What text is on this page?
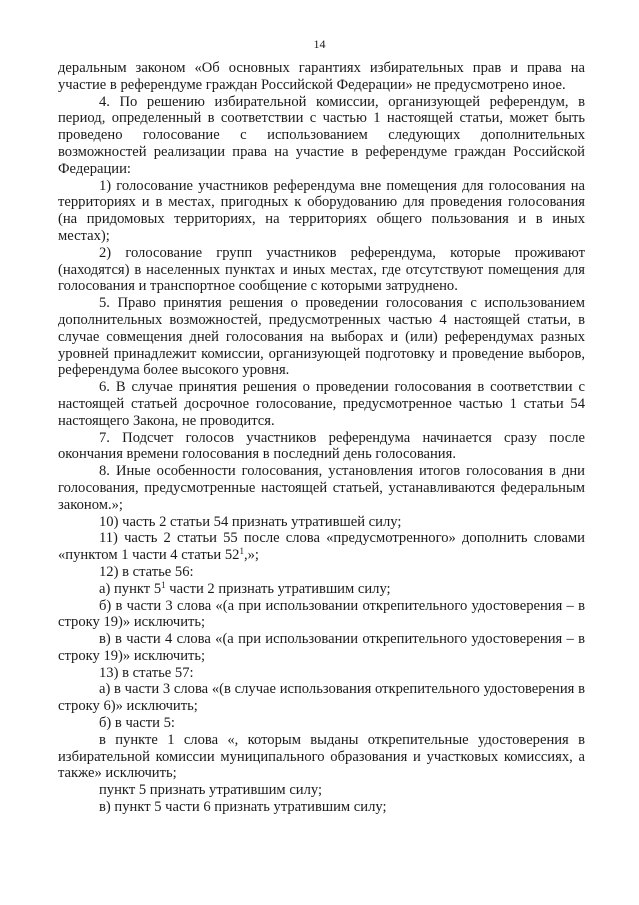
14

деральным законом «Об основных гарантиях избирательных прав и права на участие в референдуме граждан Российской Федерации» не предусмотрено иное.

4. По решению избирательной комиссии, организующей референдум, в период, определенный в соответствии с частью 1 настоящей статьи, может быть проведено голосование с использованием следующих дополнительных возможностей реализации права на участие в референдуме граждан Российской Федерации:

1) голосование участников референдума вне помещения для голосования на территориях и в местах, пригодных к оборудованию для проведения голосования (на придомовых территориях, на территориях общего пользования и в иных местах);

2) голосование групп участников референдума, которые проживают (находятся) в населенных пунктах и иных местах, где отсутствуют помещения для голосования и транспортное сообщение с которыми затруднено.

5. Право принятия решения о проведении голосования с использованием дополнительных возможностей, предусмотренных частью 4 настоящей статьи, в случае совмещения дней голосования на выборах и (или) референдумах разных уровней принадлежит комиссии, организующей подготовку и проведение выборов, референдума более высокого уровня.

6. В случае принятия решения о проведении голосования в соответствии с настоящей статьей досрочное голосование, предусмотренное частью 1 статьи 54 настоящего Закона, не проводится.

7. Подсчет голосов участников референдума начинается сразу после окончания времени голосования в последний день голосования.

8. Иные особенности голосования, установления итогов голосования в дни голосования, предусмотренные настоящей статьей, устанавливаются федеральным законом.»;

10) часть 2 статьи 54 признать утратившей силу;

11) часть 2 статьи 55 после слова «предусмотренного» дополнить словами «пунктом 1 части 4 статьи $52^1$,»;

12) в статье 56:

а) пункт $5^1$ части 2 признать утратившим силу;

б) в части 3 слова «(а при использовании открепительного удостоверения – в строку 19)» исключить;

в) в части 4 слова «(а при использовании открепительного удостоверения – в строку 19)» исключить;

13) в статье 57:

а) в части 3 слова «(в случае использования открепительного удостоверения в строку 6)» исключить;

б) в части 5:

в пункте 1 слова «, которым выданы открепительные удостоверения в избирательной комиссии муниципального образования и участковых комиссиях, а также» исключить;

пункт 5 признать утратившим силу;

в) пункт 5 части 6 признать утратившим силу;
